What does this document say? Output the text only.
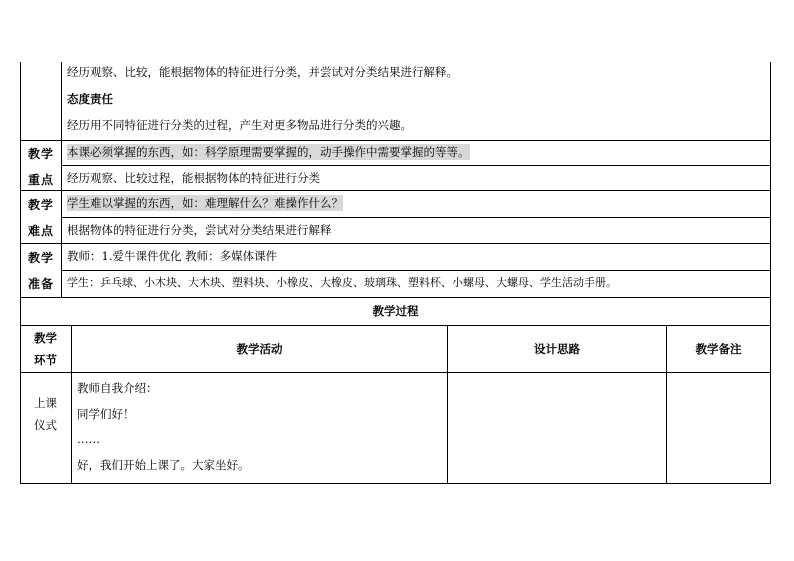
经历观察、比较，能根据物体的特征进行分类，并尝试对分类结果进行解释。
态度责任
经历用不同特征进行分类的过程，产生对更多物品进行分类的兴趣。
教学
重点
本课必须掌握的东西，如：科学原理需要掌握的，动手操作中需要掌握的等等。
经历观察、比较过程，能根据物体的特征进行分类
教学
难点
学生难以掌握的东西，如：难理解什么？难操作什么？
根据物体的特征进行分类，尝试对分类结果进行解释
教学
准备
教师：1.爱牛课件优化 教师：多媒体课件
学生：乒乓球、小木块、大木块、塑料块、小橡皮、大橡皮、玻璃珠、塑料杯、小螺母、大螺母、学生活动手册。
教学过程
教学
环节
教学活动	设计思路	教学备注
上课
仪式
教师自我介绍：
同学们好！
……
好，我们开始上课了。大家坐好。
